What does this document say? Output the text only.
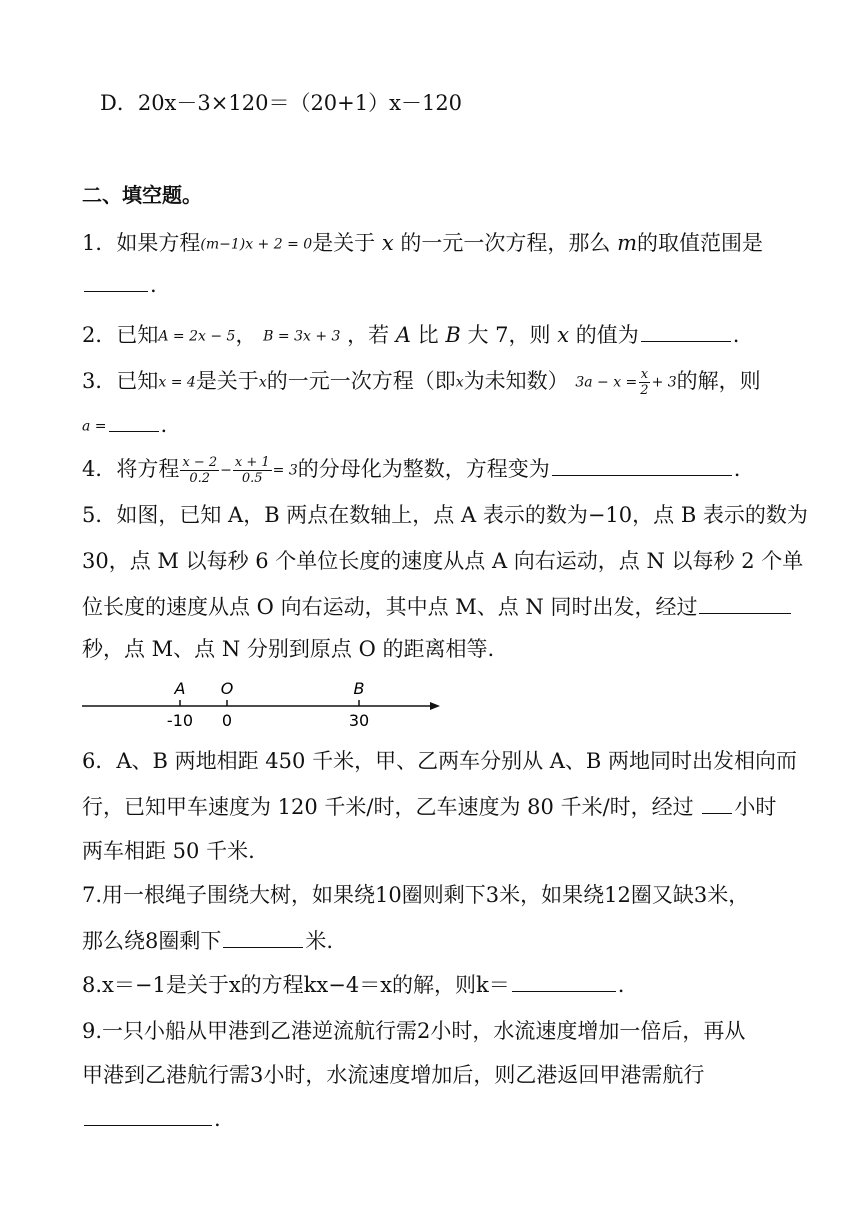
D．20x－3×120＝（20+1）x－120
二、填空题。
1．如果方程(m−1)x + 2 = 0是关于 x 的一元一次方程，那么 m的取值范围是
.
2．已知A = 2x − 5， B = 3x + 3 ，若 A 比 B 大 7，则 x 的值为	.
3．已知x = 4是关于x的一元一次方程（即x为未知数） $3a - x = \frac{x}{2} + 3$的解，则
a =	.
4．将方程 $\frac{x - 2}{0.2} - \frac{x + 1}{0.5} = 3$的分母化为整数，方程变为	.
5．如图，已知 A，B 两点在数轴上，点 A 表示的数为−10，点 B 表示的数为
30，点 M 以每秒 6 个单位长度的速度从点 A 向右运动，点 N 以每秒 2 个单
位长度的速度从点 O 向右运动，其中点 M、点 N 同时出发，经过
秒，点 M、点 N 分别到原点 O 的距离相等.
A O	B
-10 0	30
6．A、B 两地相距 450 千米，甲、乙两车分别从 A、B 两地同时出发相向而
行，已知甲车速度为 120 千米/时，乙车速度为 80 千米/时，经过 小时
两车相距 50 千米.
7.用一根绳子围绕大树，如果绕10圈则剩下3米，如果绕12圈又缺3米，
那么绕8圈剩下	米.
8.x＝−1是关于x的方程kx−4＝x的解，则k＝	.
9.一只小船从甲港到乙港逆流航行需2小时，水流速度增加一倍后，再从
甲港到乙港航行需3小时，水流速度增加后，则乙港返回甲港需航行
.
